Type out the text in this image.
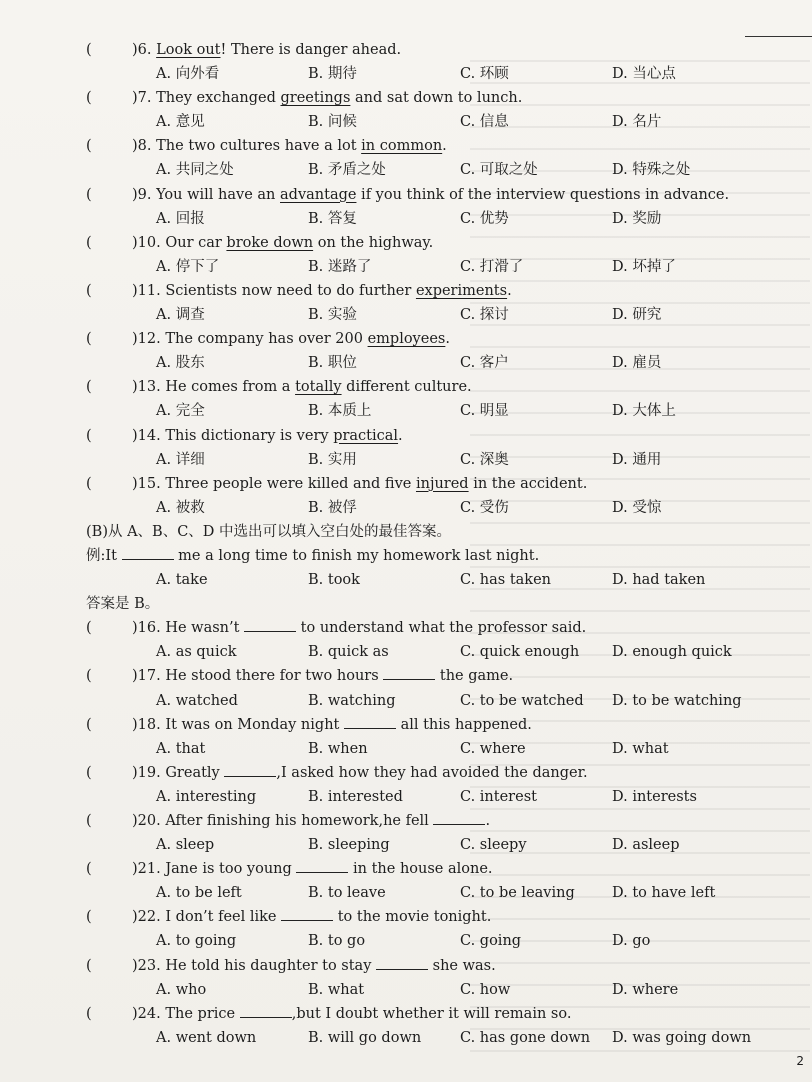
(	)6. Look out! There is danger ahead.
A. 向外看	B. 期待	C. 环顾	D. 当心点
(	)7. They exchanged greetings and sat down to lunch.
A. 意见	B. 问候	C. 信息	D. 名片
(	)8. The two cultures have a lot in common.
A. 共同之处	B. 矛盾之处	C. 可取之处	D. 特殊之处
(	)9. You will have an advantage if you think of the interview questions in advance.
A. 回报	B. 答复	C. 优势	D. 奖励
(	)10. Our car broke down on the highway.
A. 停下了	B. 迷路了	C. 打滑了	D. 坏掉了
(	)11. Scientists now need to do further experiments.
A. 调查	B. 实验	C. 探讨	D. 研究
(	)12. The company has over 200 employees.
A. 股东	B. 职位	C. 客户	D. 雇员
(	)13. He comes from a totally different culture.
A. 完全	B. 本质上	C. 明显	D. 大体上
(	)14. This dictionary is very practical.
A. 详细	B. 实用	C. 深奥	D. 通用
(	)15. Three people were killed and five injured in the accident.
A. 被救	B. 被俘	C. 受伤	D. 受惊
(B)从 A、B、C、D 中选出可以填入空白处的最佳答案。
例:It	me a long time to finish my homework last night.
A. take	B. took	C. has taken	D. had taken
答案是 B。
(	)16. He wasn’t	to understand what the professor said.
A. as quick	B. quick as	C. quick enough D. enough quick
(	)17. He stood there for two hours	the game.
A. watched	B. watching	C. to be watched D. to be watching
(	)18. It was on Monday night	all this happened.
A. that	B. when	C. where	D. what
(	)19. Greatly	,I asked how they had avoided the danger.
A. interesting	B. interested	C. interest	D. interests
(	)20. After finishing his homework,he fell	.
A. sleep	B. sleeping	C. sleepy	D. asleep
(	)21. Jane is too young	in the house alone.
A. to be left	B. to leave	C. to be leaving	D. to have left
(	)22. I don’t feel like	to the movie tonight.
A. to going	B. to go	C. going	D. go
(	)23. He told his daughter to stay	she was.
A. who	B. what	C. how	D. where
(	)24. The price	,but I doubt whether it will remain so.
A. went down	B. will go down	C. has gone down D. was going down
2
